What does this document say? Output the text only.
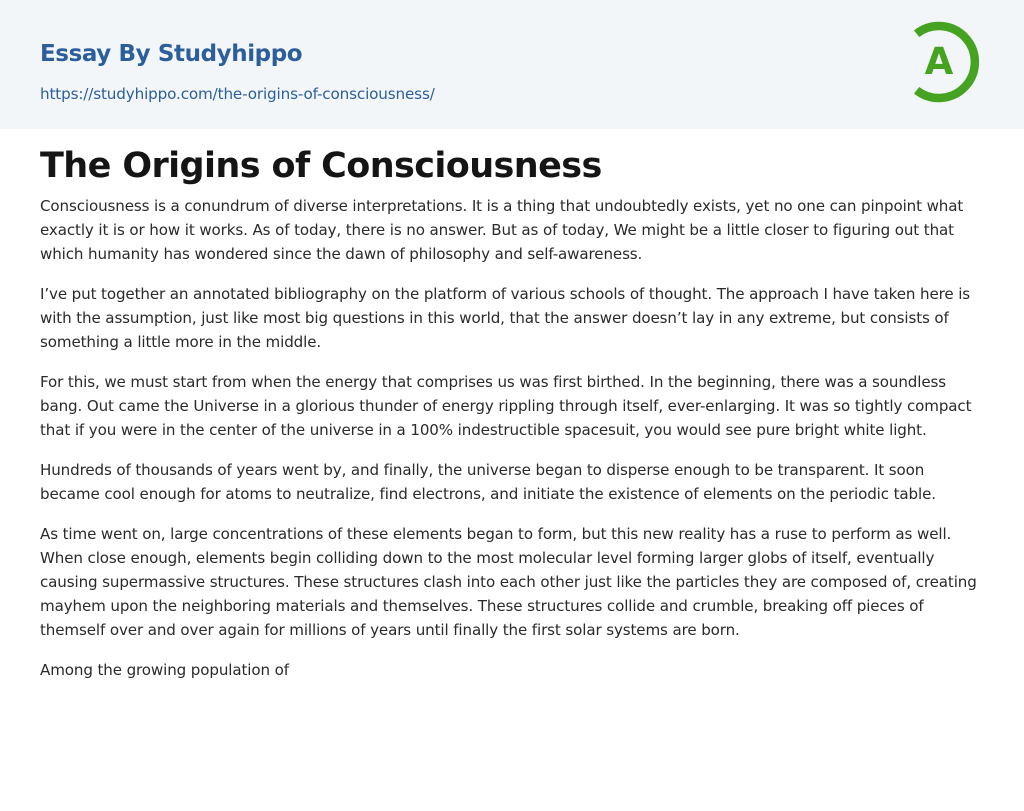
Essay By Studyhippo
https://studyhippo.com/the-origins-of-consciousness/
A
The Origins of Consciousness

Consciousness is a conundrum of diverse interpretations. It is a thing that undoubtedly exists, yet no one can pinpoint what exactly it is or how it works. As of today, there is no answer. But as of today, We might be a little closer to figuring out that which humanity has wondered since the dawn of philosophy and self-awareness.

I’ve put together an annotated bibliography on the platform of various schools of thought. The approach I have taken here is with the assumption, just like most big questions in this world, that the answer doesn’t lay in any extreme, but consists of something a little more in the middle.

For this, we must start from when the energy that comprises us was first birthed. In the beginning, there was a soundless bang. Out came the Universe in a glorious thunder of energy rippling through itself, ever-enlarging. It was so tightly compact that if you were in the center of the universe in a 100% indestructible spacesuit, you would see pure bright white light.

Hundreds of thousands of years went by, and finally, the universe began to disperse enough to be transparent. It soon became cool enough for atoms to neutralize, find electrons, and initiate the existence of elements on the periodic table.

As time went on, large concentrations of these elements began to form, but this new reality has a ruse to perform as well. When close enough, elements begin colliding down to the most molecular level forming larger globs of itself, eventually causing supermassive structures. These structures clash into each other just like the particles they are composed of, creating mayhem upon the neighboring materials and themselves. These structures collide and crumble, breaking off pieces of themself over and over again for millions of years until finally the first solar systems are born.

Among the growing population of
